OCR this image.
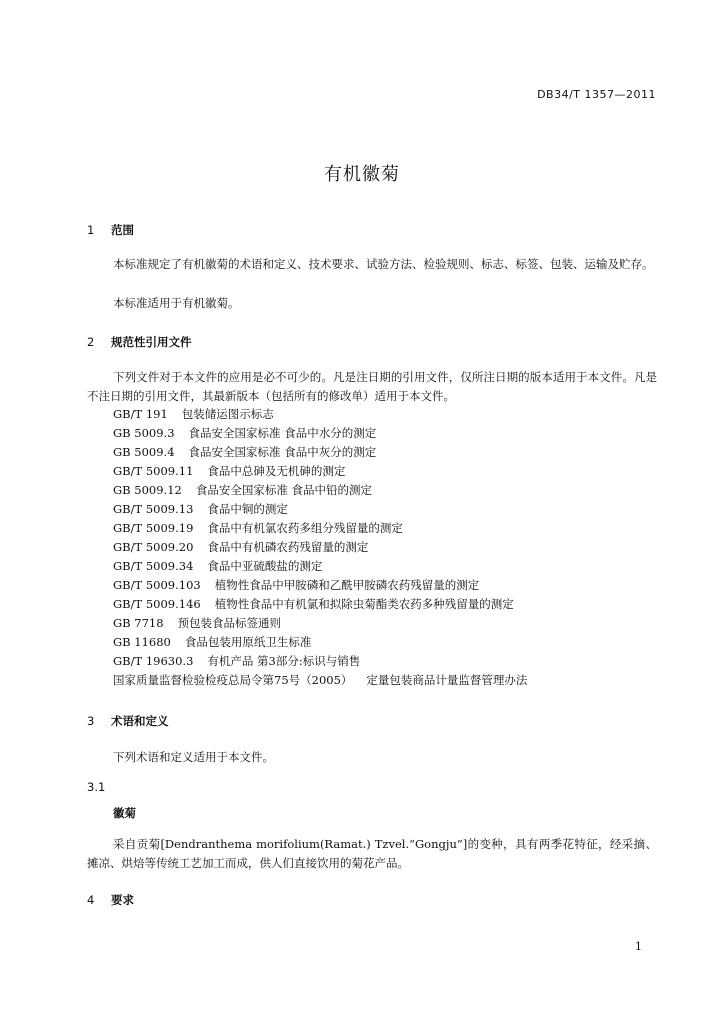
DB34/T 1357—2011
有机徽菊
1 范围
本标准规定了有机徽菊的术语和定义、技术要求、试验方法、检验规则、标志、标签、包装、运输及贮存。
本标准适用于有机徽菊。
2 规范性引用文件
下列文件对于本文件的应用是必不可少的。凡是注日期的引用文件，仅所注日期的版本适用于本文件。凡是不注日期的引用文件，其最新版本（包括所有的修改单）适用于本文件。
GB/T 191 包装储运图示标志
GB 5009.3 食品安全国家标准 食品中水分的测定
GB 5009.4 食品安全国家标准 食品中灰分的测定
GB/T 5009.11 食品中总砷及无机砷的测定
GB 5009.12 食品安全国家标准 食品中铅的测定
GB/T 5009.13 食品中铜的测定
GB/T 5009.19 食品中有机氯农药多组分残留量的测定
GB/T 5009.20 食品中有机磷农药残留量的测定
GB/T 5009.34 食品中亚硫酸盐的测定
GB/T 5009.103 植物性食品中甲胺磷和乙酰甲胺磷农药残留量的测定
GB/T 5009.146 植物性食品中有机氯和拟除虫菊酯类农药多种残留量的测定
GB 7718 预包装食品标签通则
GB 11680 食品包装用原纸卫生标准
GB/T 19630.3 有机产品 第3部分:标识与销售
国家质量监督检验检疫总局令第75号（2005） 定量包装商品计量监督管理办法
3 术语和定义
下列术语和定义适用于本文件。
3.1
徽菊
采自贡菊[Dendranthema morifolium(Ramat.) Tzvel.“Gongju”]的变种，具有两季花特征，经采摘、摊凉、烘焙等传统工艺加工而成，供人们直接饮用的菊花产品。
4 要求
1
